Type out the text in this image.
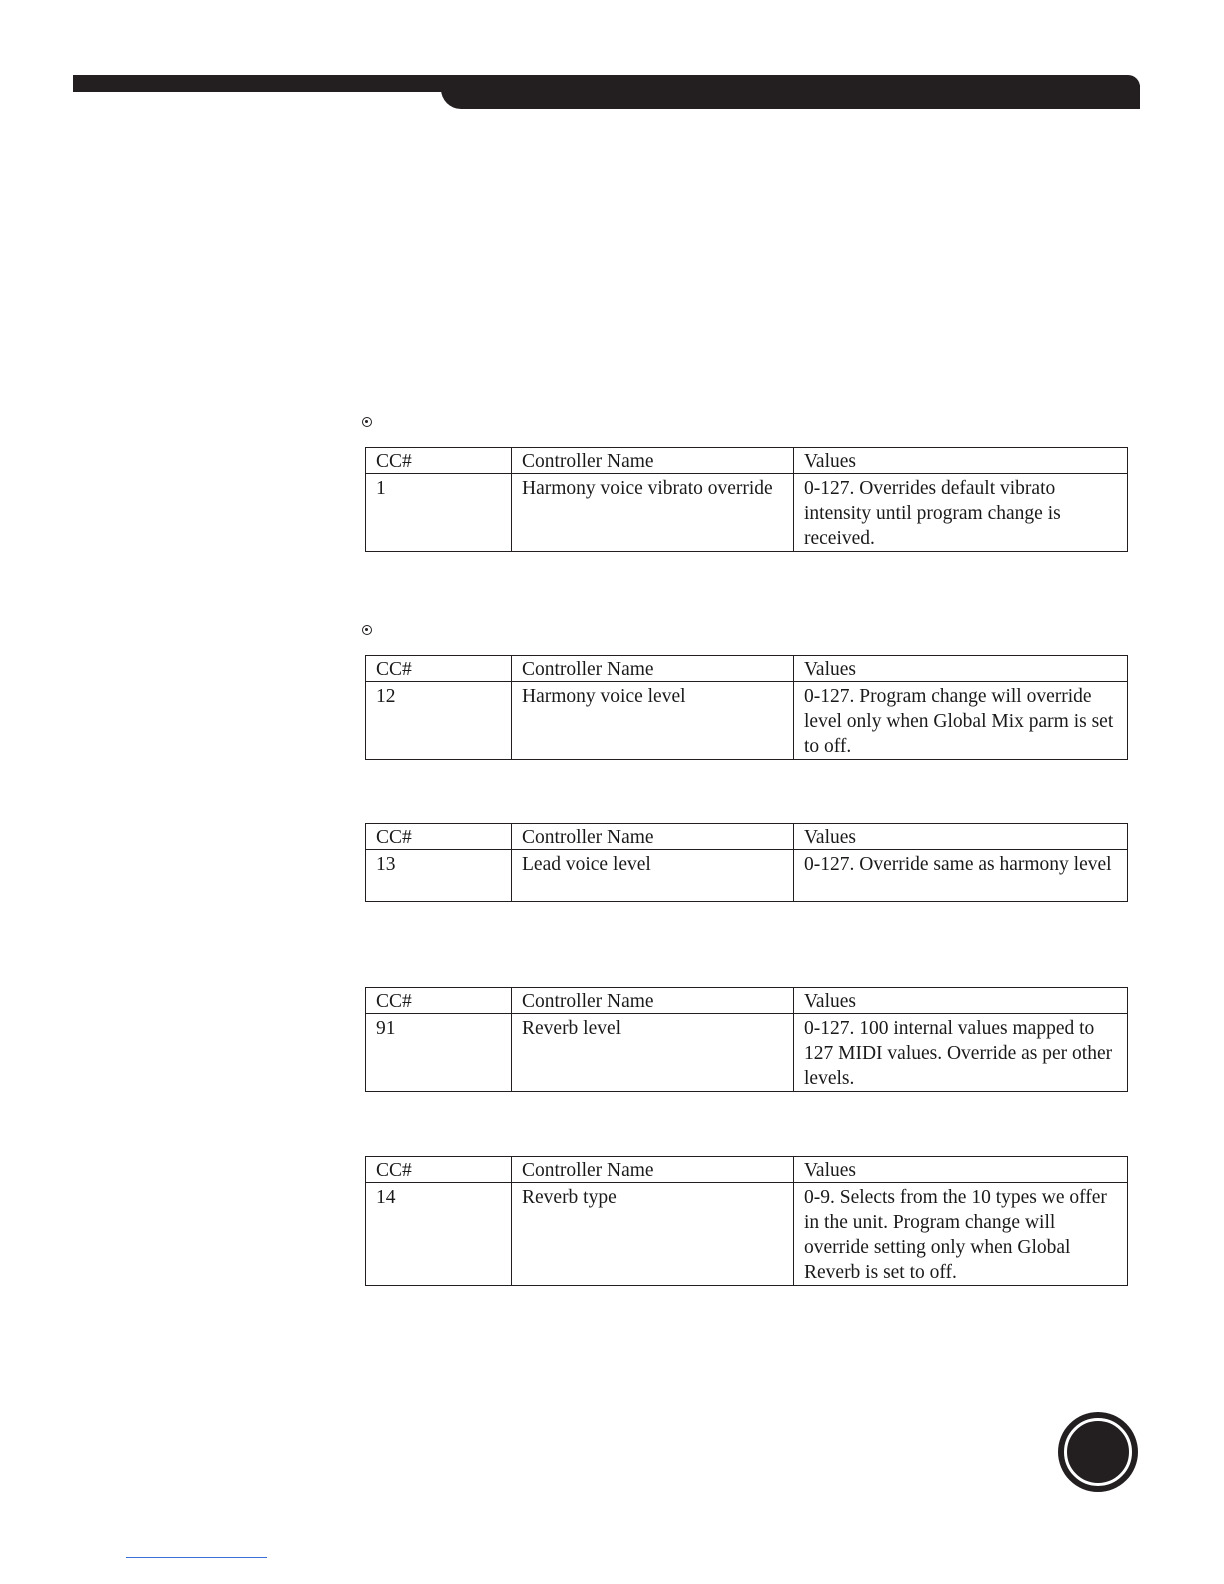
CC#	Controller Name	Values
1	Harmony voice vibrato override	0-127. Overrides default vibrato intensity until program change is received.
CC#	Controller Name	Values
12	Harmony voice level	0-127. Program change will override level only when Global Mix parm is set to off.
CC#	Controller Name	Values
13	Lead voice level	0-127. Override same as harmony level
CC#	Controller Name	Values
91	Reverb level	0-127. 100 internal values mapped to 127 MIDI values. Override as per other levels.
CC#	Controller Name	Values
14	Reverb type	0-9. Selects from the 10 types we offer in the unit. Program change will override setting only when Global Reverb is set to off.
